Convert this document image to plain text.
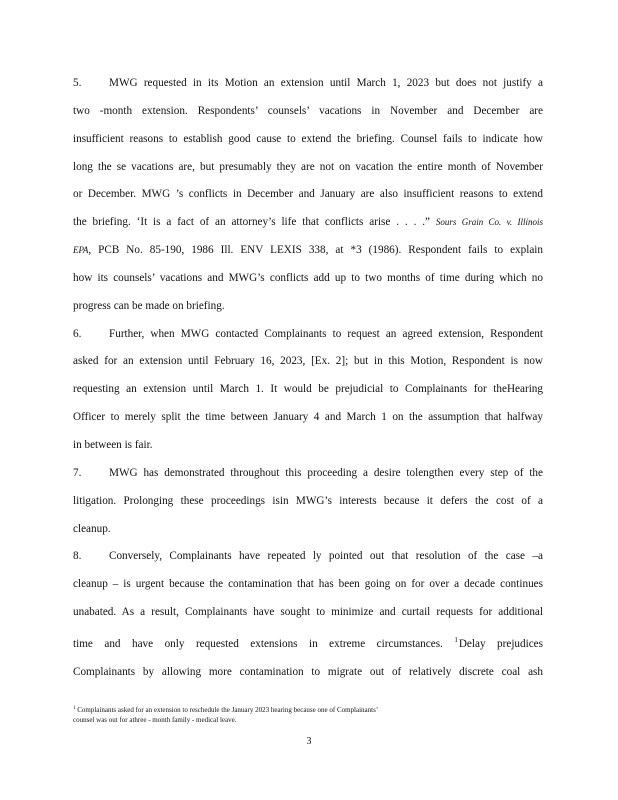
5. MWG requested in its Motion an extension until March 1, 2023 but does not justify a
two -month extension. Respondents’ counsels’ vacations in November and December are
insufficient reasons to establish good cause to extend the briefing. Counsel fails to indicate how
long the se vacations are, but presumably they are not on vacation the entire month of November
or December. MWG ’s conflicts in December and January are also insufficient reasons to extend
the briefing. ‘It is a fact of an attorney’s life that conflicts arise . . . .” Sours Grain Co. v. Illinois
EPA, PCB No. 85-190, 1986 Ill. ENV LEXIS 338, at *3 (1986). Respondent fails to explain
how its counsels’ vacations and MWG’s conflicts add up to two months of time during which no
progress can be made on briefing.
6. Further, when MWG contacted Complainants to request an agreed extension, Respondent
asked for an extension until February 16, 2023, [Ex. 2]; but in this Motion, Respondent is now
requesting an extension until March 1. It would be prejudicial to Complainants for theHearing
Officer to merely split the time between January 4 and March 1 on the assumption that halfway
in between is fair.
7. MWG has demonstrated throughout this proceeding a desire tolengthen every step of the
litigation. Prolonging these proceedings isin MWG’s interests because it defers the cost of a
cleanup.
8. Conversely, Complainants have repeated ly pointed out that resolution of the case –a
cleanup – is urgent because the contamination that has been going on for over a decade continues
unabated. As a result, Complainants have sought to minimize and curtail requests for additional
time and have only requested extensions in extreme circumstances. $^1$Delay prejudices
Complainants by allowing more contamination to migrate out of relatively discrete coal ash
$^1$ Complainants asked for an extension to reschedule the January 2023 hearing because one of Complainants’
counsel was out for athree - month family - medical leave.
3
